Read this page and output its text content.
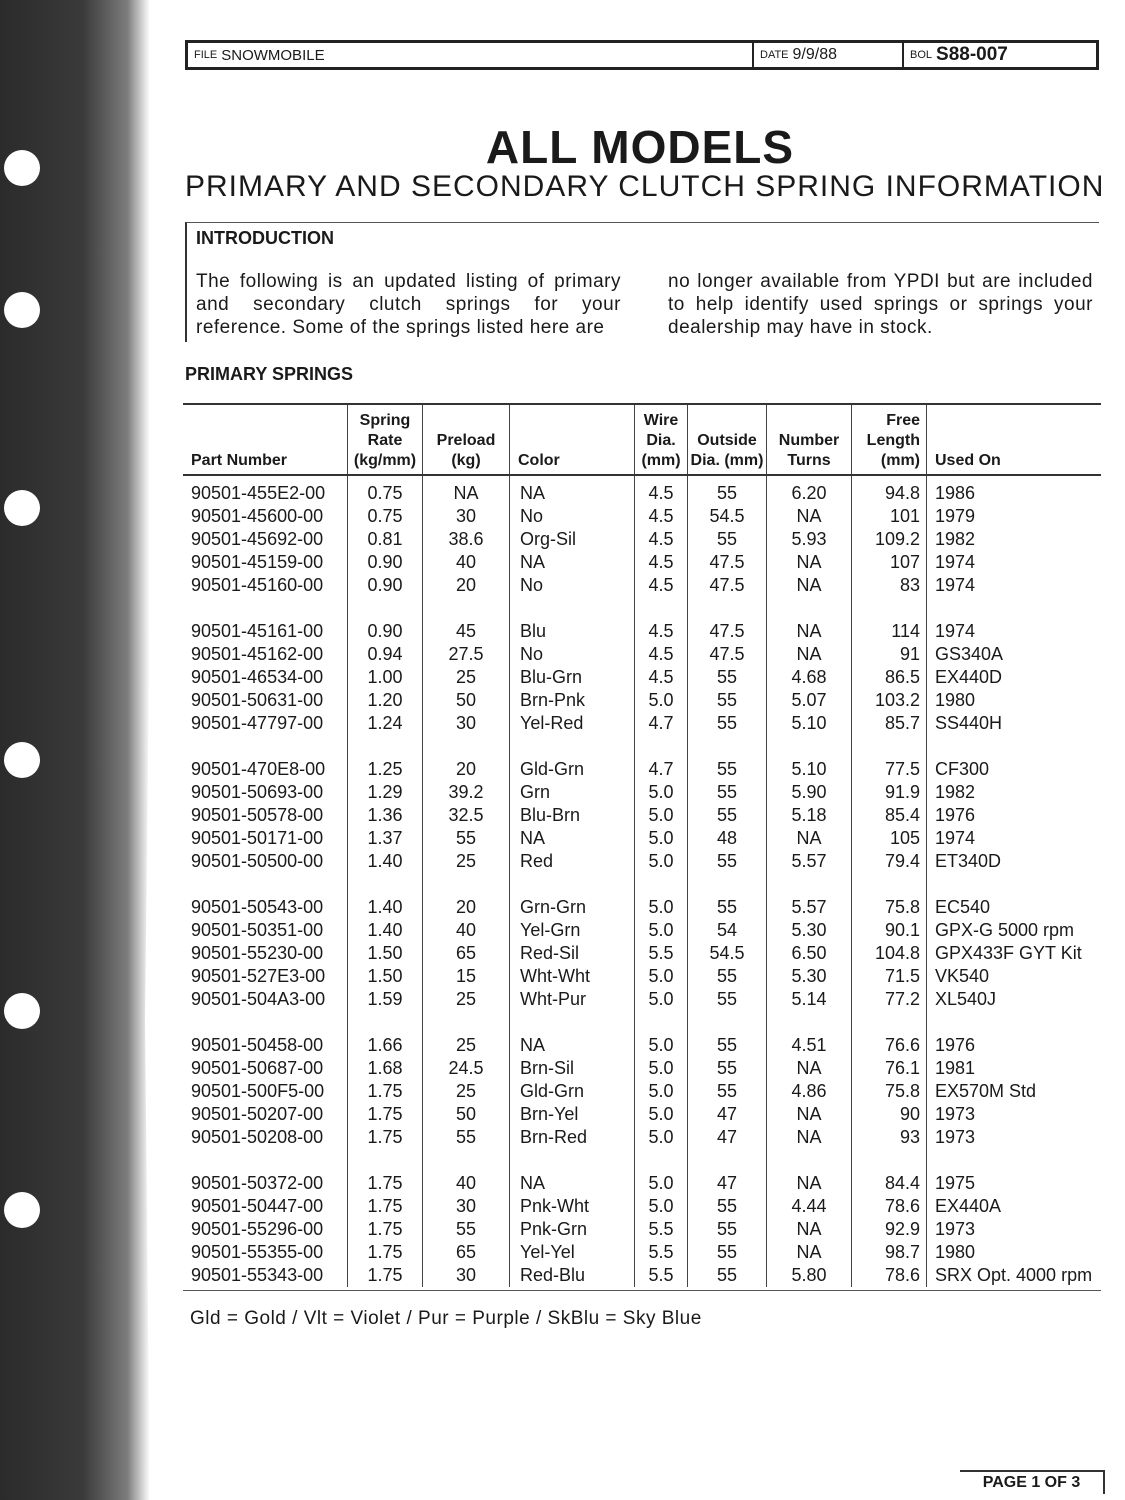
FILE SNOWMOBILE	DATE 9/9/88	BOL S88-007
ALL MODELS
PRIMARY AND SECONDARY CLUTCH SPRING INFORMATION
INTRODUCTION

The following is an updated listing of primary and secondary clutch springs for your reference. Some of the springs listed here are

no longer available from YPDI but are included to help identify used springs or springs your dealership may have in stock.

PRIMARY SPRINGS
Part Number	Spring Rate (kg/mm)	Preload (kg)	Color	Wire Dia. (mm)	Outside Dia. (mm)	Number Turns	Free Length (mm)	Used On
90501-455E2-00	0.75	NA	NA	4.5	55	6.20	94.8	1986
90501-45600-00	0.75	30	No	4.5	54.5	NA	101	1979
90501-45692-00	0.81	38.6	Org-Sil	4.5	55	5.93	109.2	1982
90501-45159-00	0.90	40	NA	4.5	47.5	NA	107	1974
90501-45160-00	0.90	20	No	4.5	47.5	NA	83	1974

90501-45161-00	0.90	45	Blu	4.5	47.5	NA	114	1974
90501-45162-00	0.94	27.5	No	4.5	47.5	NA	91	GS340A
90501-46534-00	1.00	25	Blu-Grn	4.5	55	4.68	86.5	EX440D
90501-50631-00	1.20	50	Brn-Pnk	5.0	55	5.07	103.2	1980
90501-47797-00	1.24	30	Yel-Red	4.7	55	5.10	85.7	SS440H

90501-470E8-00	1.25	20	Gld-Grn	4.7	55	5.10	77.5	CF300
90501-50693-00	1.29	39.2	Grn	5.0	55	5.90	91.9	1982
90501-50578-00	1.36	32.5	Blu-Brn	5.0	55	5.18	85.4	1976
90501-50171-00	1.37	55	NA	5.0	48	NA	105	1974
90501-50500-00	1.40	25	Red	5.0	55	5.57	79.4	ET340D

90501-50543-00	1.40	20	Grn-Grn	5.0	55	5.57	75.8	EC540
90501-50351-00	1.40	40	Yel-Grn	5.0	54	5.30	90.1	GPX-G 5000 rpm
90501-55230-00	1.50	65	Red-Sil	5.5	54.5	6.50	104.8	GPX433F GYT Kit
90501-527E3-00	1.50	15	Wht-Wht	5.0	55	5.30	71.5	VK540
90501-504A3-00	1.59	25	Wht-Pur	5.0	55	5.14	77.2	XL540J

90501-50458-00	1.66	25	NA	5.0	55	4.51	76.6	1976
90501-50687-00	1.68	24.5	Brn-Sil	5.0	55	NA	76.1	1981
90501-500F5-00	1.75	25	Gld-Grn	5.0	55	4.86	75.8	EX570M Std
90501-50207-00	1.75	50	Brn-Yel	5.0	47	NA	90	1973
90501-50208-00	1.75	55	Brn-Red	5.0	47	NA	93	1973

90501-50372-00	1.75	40	NA	5.0	47	NA	84.4	1975
90501-50447-00	1.75	30	Pnk-Wht	5.0	55	4.44	78.6	EX440A
90501-55296-00	1.75	55	Pnk-Grn	5.5	55	NA	92.9	1973
90501-55355-00	1.75	65	Yel-Yel	5.5	55	NA	98.7	1980
90501-55343-00	1.75	30	Red-Blu	5.5	55	5.80	78.6	SRX Opt. 4000 rpm

Gld = Gold / Vlt = Violet / Pur = Purple / SkBlu = Sky Blue

PAGE 1 OF 3
